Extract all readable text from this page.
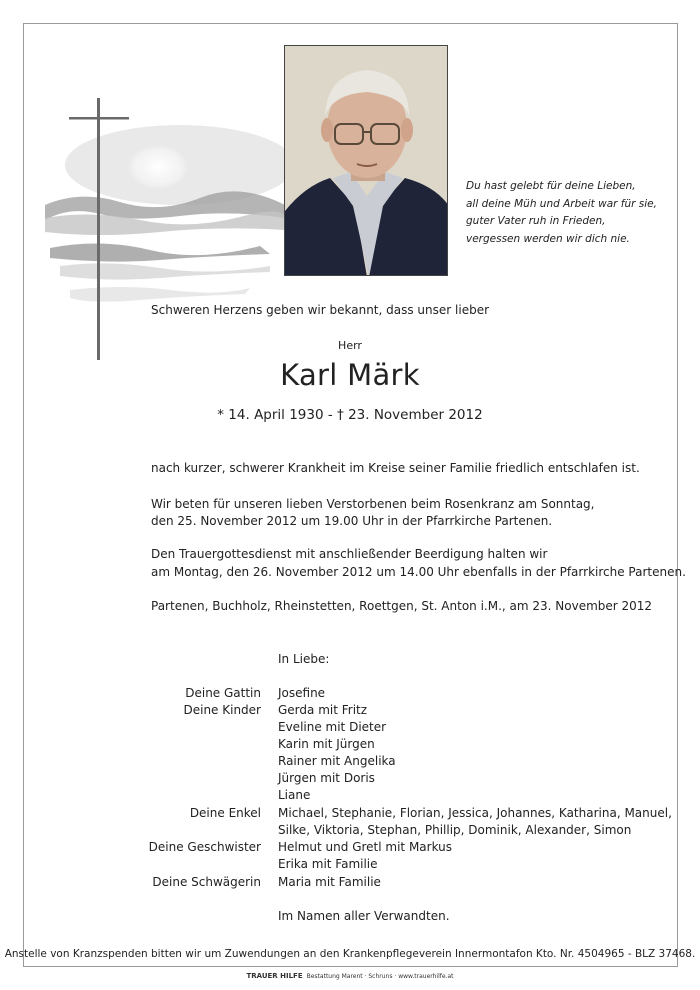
Du hast gelebt für deine Lieben,
all deine Müh und Arbeit war für sie,
guter Vater ruh in Frieden,
vergessen werden wir dich nie.
Schweren Herzens geben wir bekannt, dass unser lieber
Herr
Karl Märk
* 14. April 1930 - † 23. November 2012
nach kurzer, schwerer Krankheit im Kreise seiner Familie friedlich entschlafen ist.
Wir beten für unseren lieben Verstorbenen beim Rosenkranz am Sonntag,
den 25. November 2012 um 19.00 Uhr in der Pfarrkirche Partenen.
Den Trauergottesdienst mit anschließender Beerdigung halten wir
am Montag, den 26. November 2012 um 14.00 Uhr ebenfalls in der Pfarrkirche Partenen.
Partenen, Buchholz, Rheinstetten, Roettgen, St. Anton i.M., am 23. November 2012
In Liebe:
Deine Gattin Josefine
Deine Kinder Gerda mit Fritz
Eveline mit Dieter
Karin mit Jürgen
Rainer mit Angelika
Jürgen mit Doris
Liane
Deine Enkel Michael, Stephanie, Florian, Jessica, Johannes, Katharina, Manuel,
Silke, Viktoria, Stephan, Phillip, Dominik, Alexander, Simon
Deine Geschwister Helmut und Gretl mit Markus
Erika mit Familie
Deine Schwägerin Maria mit Familie
Im Namen aller Verwandten.
Anstelle von Kranzspenden bitten wir um Zuwendungen an den Krankenpflegeverein Innermontafon Kto. Nr. 4504965 - BLZ 37468.
TRAUER HILFE Bestattung Marent · Schruns · www.trauerhilfe.at
